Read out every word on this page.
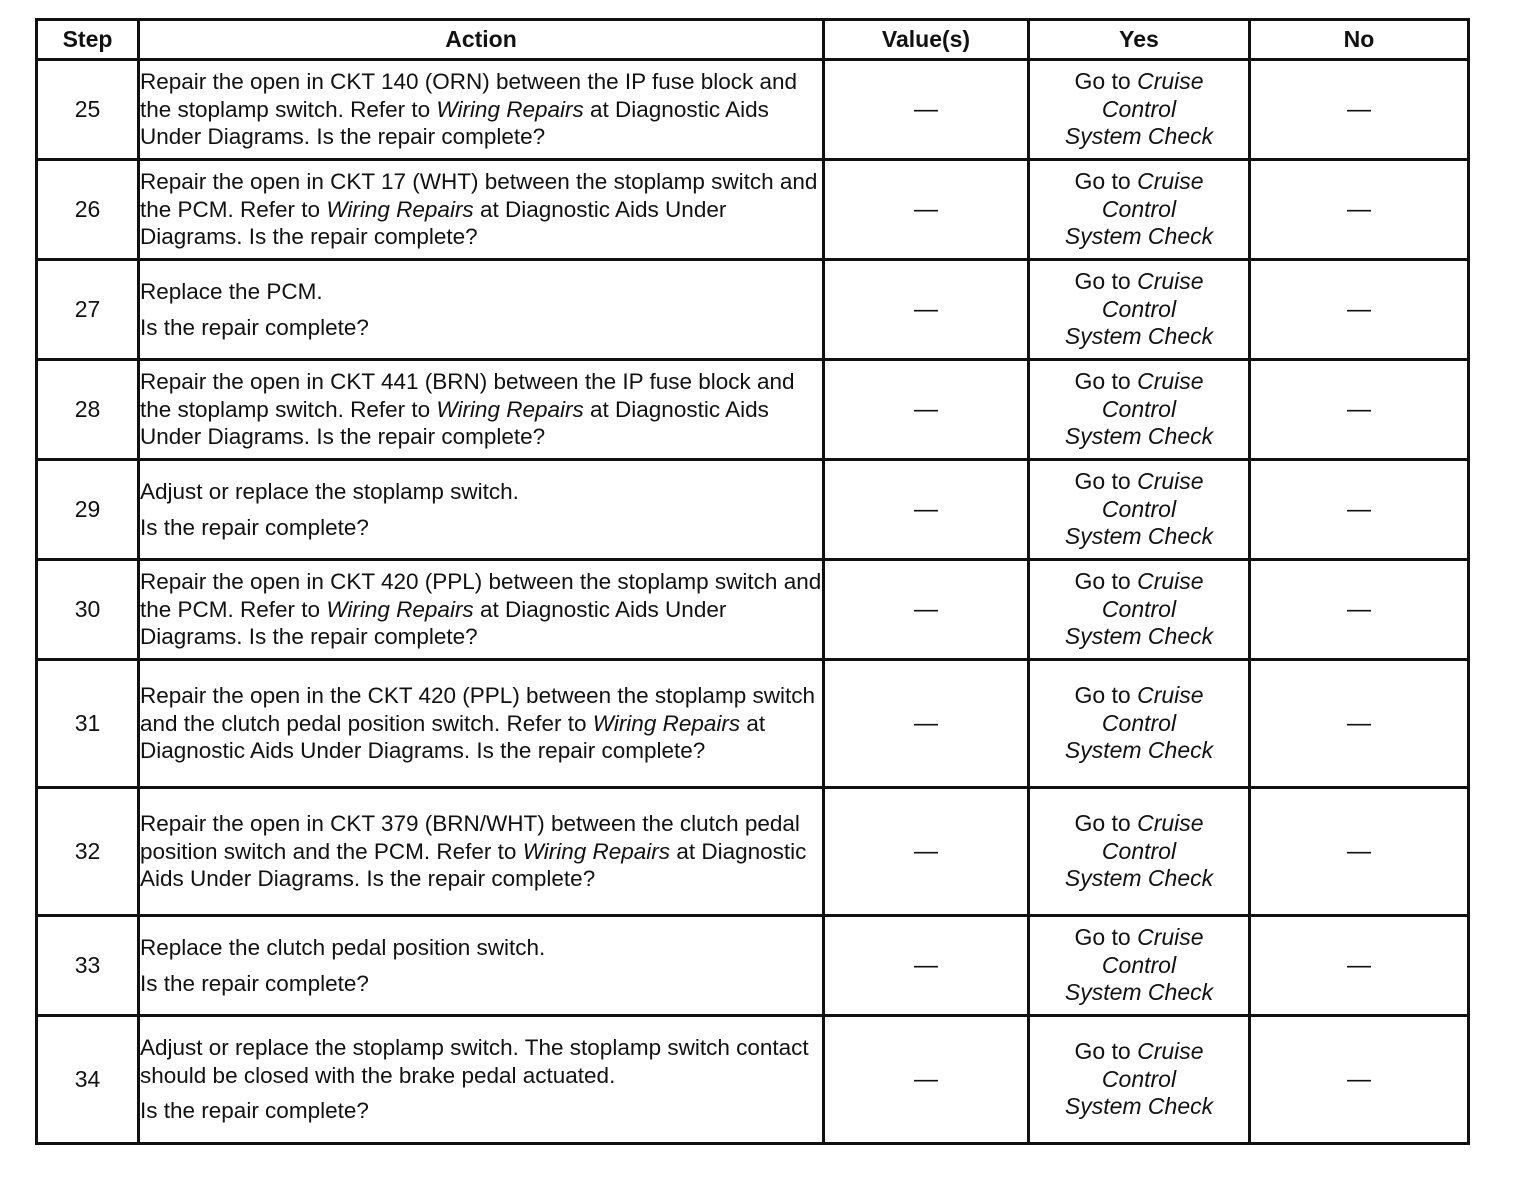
Step	Action	Value(s)	Yes	No
25	Repair the open in CKT 140 (ORN) between the IP fuse block and the stoplamp switch. Refer to Wiring Repairs at Diagnostic Aids Under Diagrams. Is the repair complete?	—	Go to Cruise
Control
System Check	—
26	Repair the open in CKT 17 (WHT) between the stoplamp switch and the PCM. Refer to Wiring Repairs at Diagnostic Aids Under Diagrams. Is the repair complete?	—	Go to Cruise
Control
System Check	—
27	Replace the PCM.
Is the repair complete?	—	Go to Cruise
Control
System Check	—
28	Repair the open in CKT 441 (BRN) between the IP fuse block and the stoplamp switch. Refer to Wiring Repairs at Diagnostic Aids Under Diagrams. Is the repair complete?	—	Go to Cruise
Control
System Check	—
29	Adjust or replace the stoplamp switch.
Is the repair complete?	—	Go to Cruise
Control
System Check	—
30	Repair the open in CKT 420 (PPL) between the stoplamp switch and the PCM. Refer to Wiring Repairs at Diagnostic Aids Under Diagrams. Is the repair complete?	—	Go to Cruise
Control
System Check	—
31	Repair the open in the CKT 420 (PPL) between the stoplamp switch and the clutch pedal position switch. Refer to Wiring Repairs at Diagnostic Aids Under Diagrams. Is the repair complete?	—	Go to Cruise
Control
System Check	—
32	Repair the open in CKT 379 (BRN/WHT) between the clutch pedal position switch and the PCM. Refer to Wiring Repairs at Diagnostic Aids Under Diagrams. Is the repair complete?	—	Go to Cruise
Control
System Check	—
33	Replace the clutch pedal position switch.
Is the repair complete?	—	Go to Cruise
Control
System Check	—
34	Adjust or replace the stoplamp switch. The stoplamp switch contact should be closed with the brake pedal actuated.
Is the repair complete?	—	Go to Cruise
Control
System Check	—
